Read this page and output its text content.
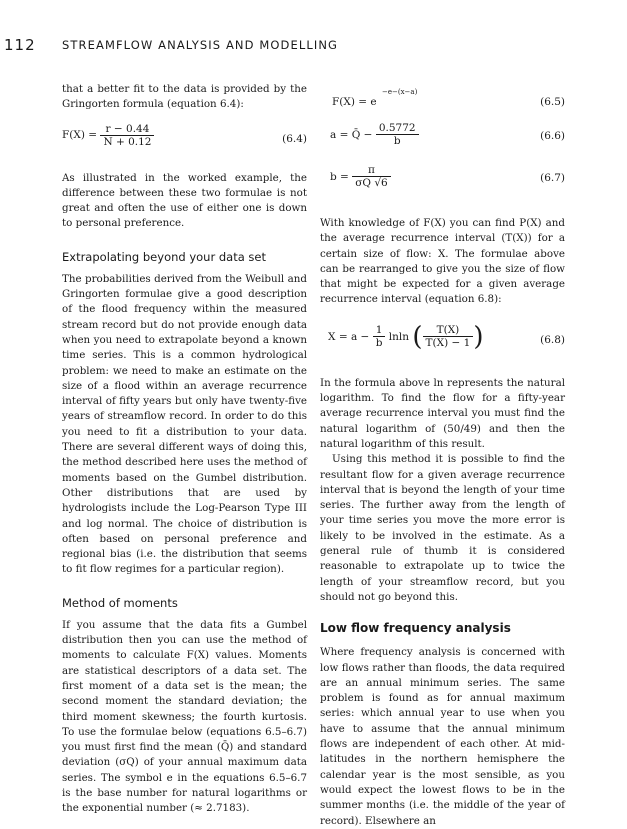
112 STREAMFLOW ANALYSIS AND MODELLING

that a better fit to the data is provided by the Gringorten formula (equation 6.4):

$F(X) = \frac{r - 0.44}{N + 0.12}$	(6.4)

As illustrated in the worked example, the difference between these two formulae is not great and often the use of either one is down to personal preference.

Extrapolating beyond your data set

The probabilities derived from the Weibull and Gringorten formulae give a good description of the flood frequency within the measured stream record but do not provide enough data when you need to extrapolate beyond a known time series. This is a common hydrological problem: we need to make an estimate on the size of a flood within an average recurrence interval of fifty years but only have twenty-five years of streamflow record. In order to do this you need to fit a distribution to your data. There are several different ways of doing this, the method described here uses the method of moments based on the Gumbel distribution. Other distributions that are used by hydrologists include the Log-Pearson Type III and log normal. The choice of distribution is often based on personal preference and regional bias (i.e. the distribution that seems to fit flow regimes for a particular region).

Method of moments

If you assume that the data fits a Gumbel distribution then you can use the method of moments to calculate F(X) values. Moments are statistical descriptors of a data set. The first moment of a data set is the mean; the second moment the standard deviation; the third moment skewness; the fourth kurtosis. To use the formulae below (equations 6.5–6.7) you must first find the mean (Q̄) and standard deviation (σQ) of your annual maximum data series. The symbol e in the equations 6.5–6.7 is the base number for natural logarithms or the exponential number (≈ 2.7183).

F(X) = e
−e−(x−a)
(6.5)
a = Q̄ − $\frac{0.5772}{b}$	(6.6)
$b = \frac{\pi}{\sigma Q √6}$	(6.7)

With knowledge of F(X) you can find P(X) and the average recurrence interval (T(X)) for a certain size of flow: X. The formulae above can be rearranged to give you the size of flow that might be expected for a given average recurrence interval (equation 6.8):

$X = a - \frac{1}{b}$ lnln ( $\frac{T(X)}{T(X) - 1}$ )	(6.8)

In the formula above ln represents the natural logarithm. To find the flow for a fifty-year average recurrence interval you must find the natural logarithm of (50/49) and then the natural logarithm of this result.

Using this method it is possible to find the resultant flow for a given average recurrence interval that is beyond the length of your time series. The further away from the length of your time series you move the more error is likely to be involved in the estimate. As a general rule of thumb it is considered reasonable to extrapolate up to twice the length of your streamflow record, but you should not go beyond this.

Low flow frequency analysis

Where frequency analysis is concerned with low flows rather than floods, the data required are an annual minimum series. The same problem is found as for annual maximum series: which annual year to use when you have to assume that the annual minimum flows are independent of each other. At mid-latitudes in the northern hemisphere the calendar year is the most sensible, as you would expect the lowest flows to be in the summer months (i.e. the middle of the year of record). Elsewhere an
